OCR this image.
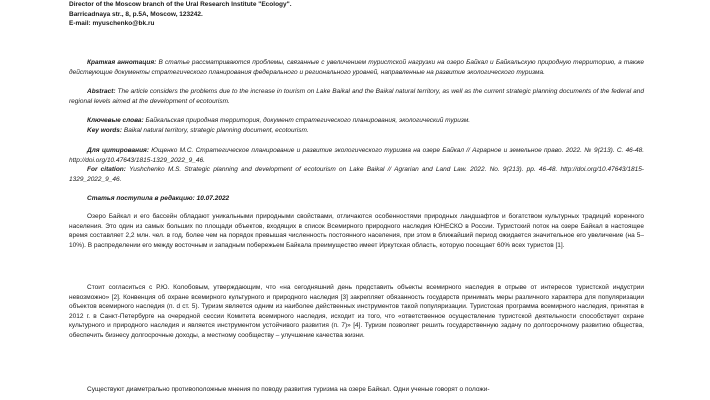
Director of the Moscow branch of the Ural Research Institute "Ecology".
Barricadnaya str., 8, p.5A, Moscow, 123242.
E-mail: myuschenko@bk.ru
Краткая аннотация: В статье рассматриваются проблемы, связанные с увеличением туристской нагрузки на озеро Байкал и Байкальскую природную территорию, а также действующие документы стратегического планирования федерального и регионального уровней, направленные на развитие экологического туризма.
Abstract: The article considers the problems due to the increase in tourism on Lake Baikal and the Baikal natural territory, as well as the current strategic planning documents of the federal and regional levels aimed at the development of ecotourism.
Ключевые слова: Байкальская природная территория, документ стратегического планирования, экологический туризм.
Key words: Baikal natural territory, strategic planning document, ecotourism.
Для цитирования: Ющенко М.С. Стратегическое планирование и развитие экологического туризма на озере Байкал // Аграрное и земельное право. 2022. № 9(213). С. 46-48. http://doi.org/10.47643/1815-1329_2022_9_46.
For citation: Yushchenko M.S. Strategic planning and development of ecotourism on Lake Baikal // Agrarian and Land Law. 2022. No. 9(213). pp. 46-48. http://doi.org/10.47643/1815-1329_2022_9_46.
Статья поступила в редакцию: 10.07.2022
Озеро Байкал и его бассейн обладают уникальными природными свойствами, отличаются особенностями природных ландшафтов и богатством культурных традиций коренного населения. Это один из самых больших по площади объектов, входящих в список Всемирного природного наследия ЮНЕСКО в России. Туристский поток на озере Байкал в настоящее время составляет 2,2 млн. чел. в год, более чем на порядок превышая численность постоянного населения, при этом в ближайший период ожидается значительное его увеличение (на 5–10%). В распределении его между восточным и западным побережьем Байкала преимущество имеет Иркутская область, которую посещает 60% всех туристов [1].
Стоит согласиться с Р.Ю. Колобовым, утверждающим, что «на сегодняшний день представить объекты всемирного наследия в отрыве от интересов туристской индустрии невозможно» [2]. Конвенция об охране всемирного культурного и природного наследия [3] закрепляет обязанность государств принимать меры различного характера для популяризации объектов всемирного наследия (п. d ст. 5). Туризм является одним из наиболее действенных инструментов такой популяризации. Туристская программа всемирного наследия, принятая в 2012 г. в Санкт-Петербурге на очередной сессии Комитета всемирного наследия, исходит из того, что «ответственное осуществление туристской деятельности способствует охране культурного и природного наследия и является инструментом устойчивого развития (п. 7)» [4]. Туризм позволяет решить государственную задачу по долгосрочному развитию общества, обеспечить бизнесу долгосрочные доходы, а местному сообществу – улучшение качества жизни.
Существуют диаметрально противоположные мнения по поводу развития туризма на озере Байкал. Одни ученые говорят о положи-
